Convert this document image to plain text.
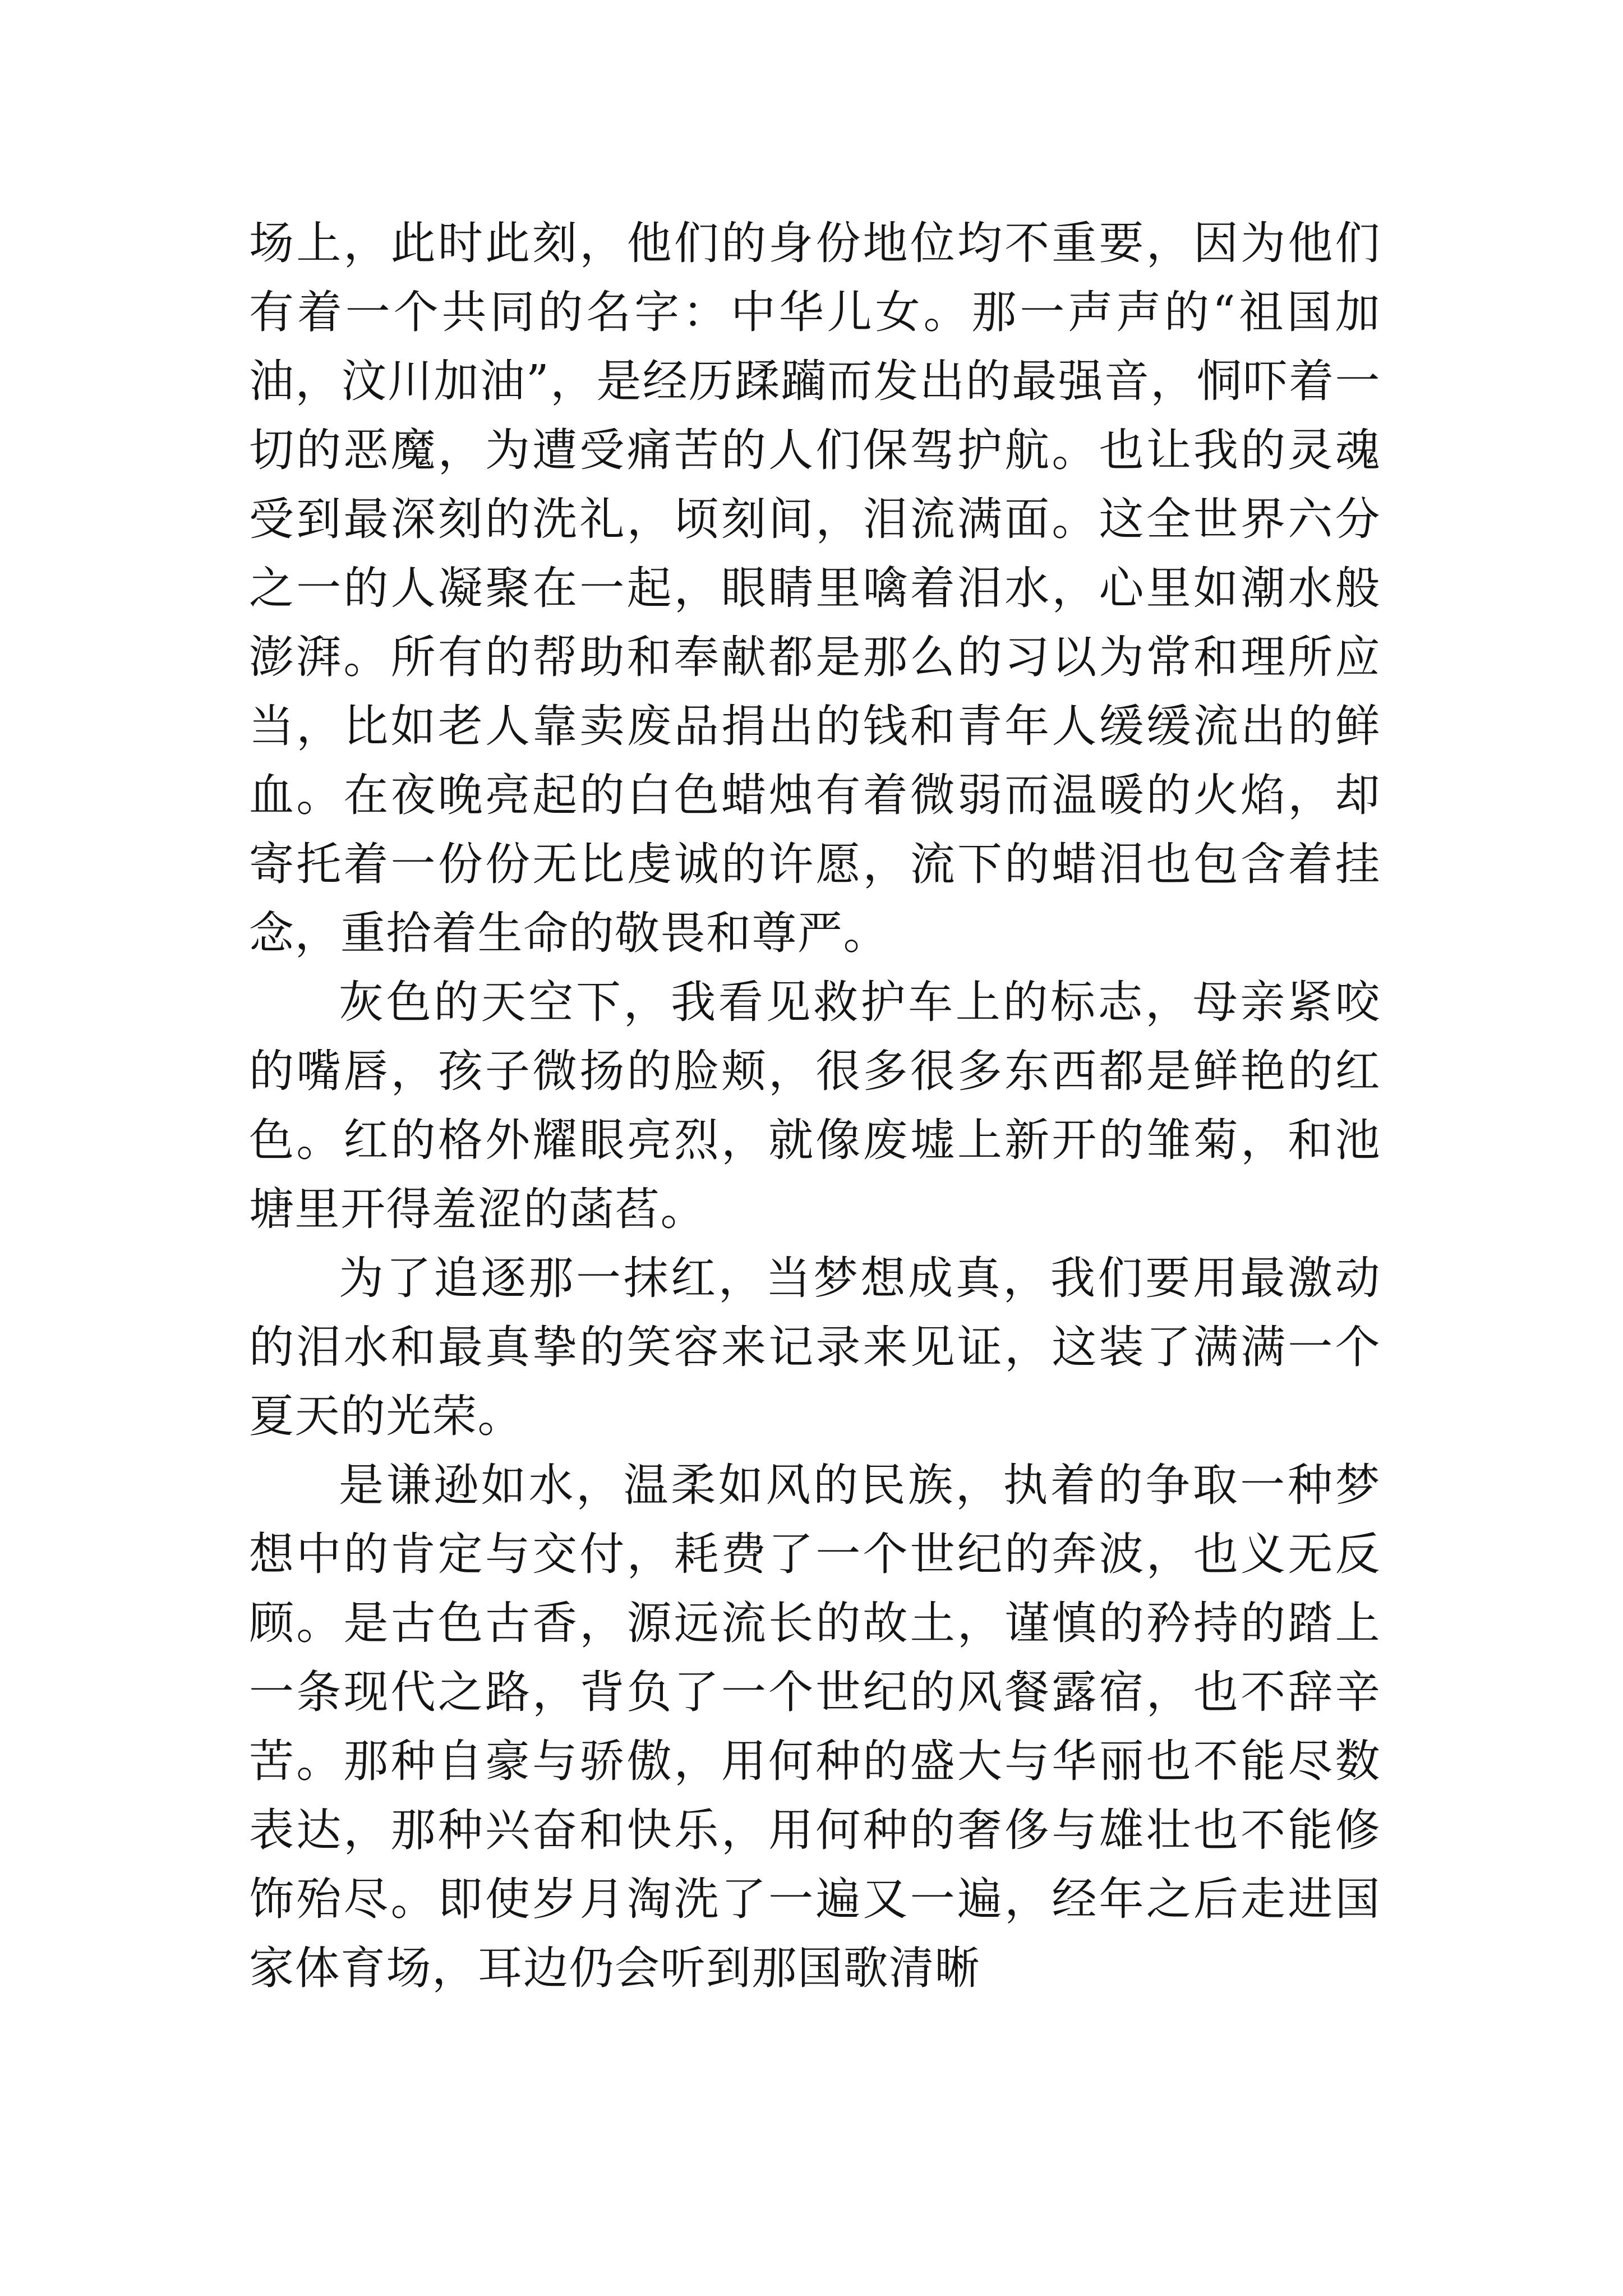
场上，此时此刻，他们的身份地位均不重要，因为他们有着一个共同的名字：中华儿女。那一声声的“祖国加油，汶川加油”，是经历蹂躏而发出的最强音，恫吓着一切的恶魔，为遭受痛苦的人们保驾护航。也让我的灵魂受到最深刻的洗礼，顷刻间，泪流满面。这全世界六分之一的人凝聚在一起，眼睛里噙着泪水，心里如潮水般澎湃。所有的帮助和奉献都是那么的习以为常和理所应当，比如老人靠卖废品捐出的钱和青年人缓缓流出的鲜血。在夜晚亮起的白色蜡烛有着微弱而温暖的火焰，却寄托着一份份无比虔诚的许愿，流下的蜡泪也包含着挂念，重拾着生命的敬畏和尊严。

灰色的天空下，我看见救护车上的标志，母亲紧咬的嘴唇，孩子微扬的脸颊，很多很多东西都是鲜艳的红色。红的格外耀眼亮烈，就像废墟上新开的雏菊，和池塘里开得羞涩的菡萏。

为了追逐那一抹红，当梦想成真，我们要用最激动的泪水和最真挚的笑容来记录来见证，这装了满满一个夏天的光荣。

是谦逊如水，温柔如风的民族，执着的争取一种梦想中的肯定与交付，耗费了一个世纪的奔波，也义无反顾。是古色古香，源远流长的故土，谨慎的矜持的踏上一条现代之路，背负了一个世纪的风餐露宿，也不辞辛苦。那种自豪与骄傲，用何种的盛大与华丽也不能尽数表达，那种兴奋和快乐，用何种的奢侈与雄壮也不能修饰殆尽。即使岁月淘洗了一遍又一遍，经年之后走进国家体育场，耳边仍会听到那国歌清晰
